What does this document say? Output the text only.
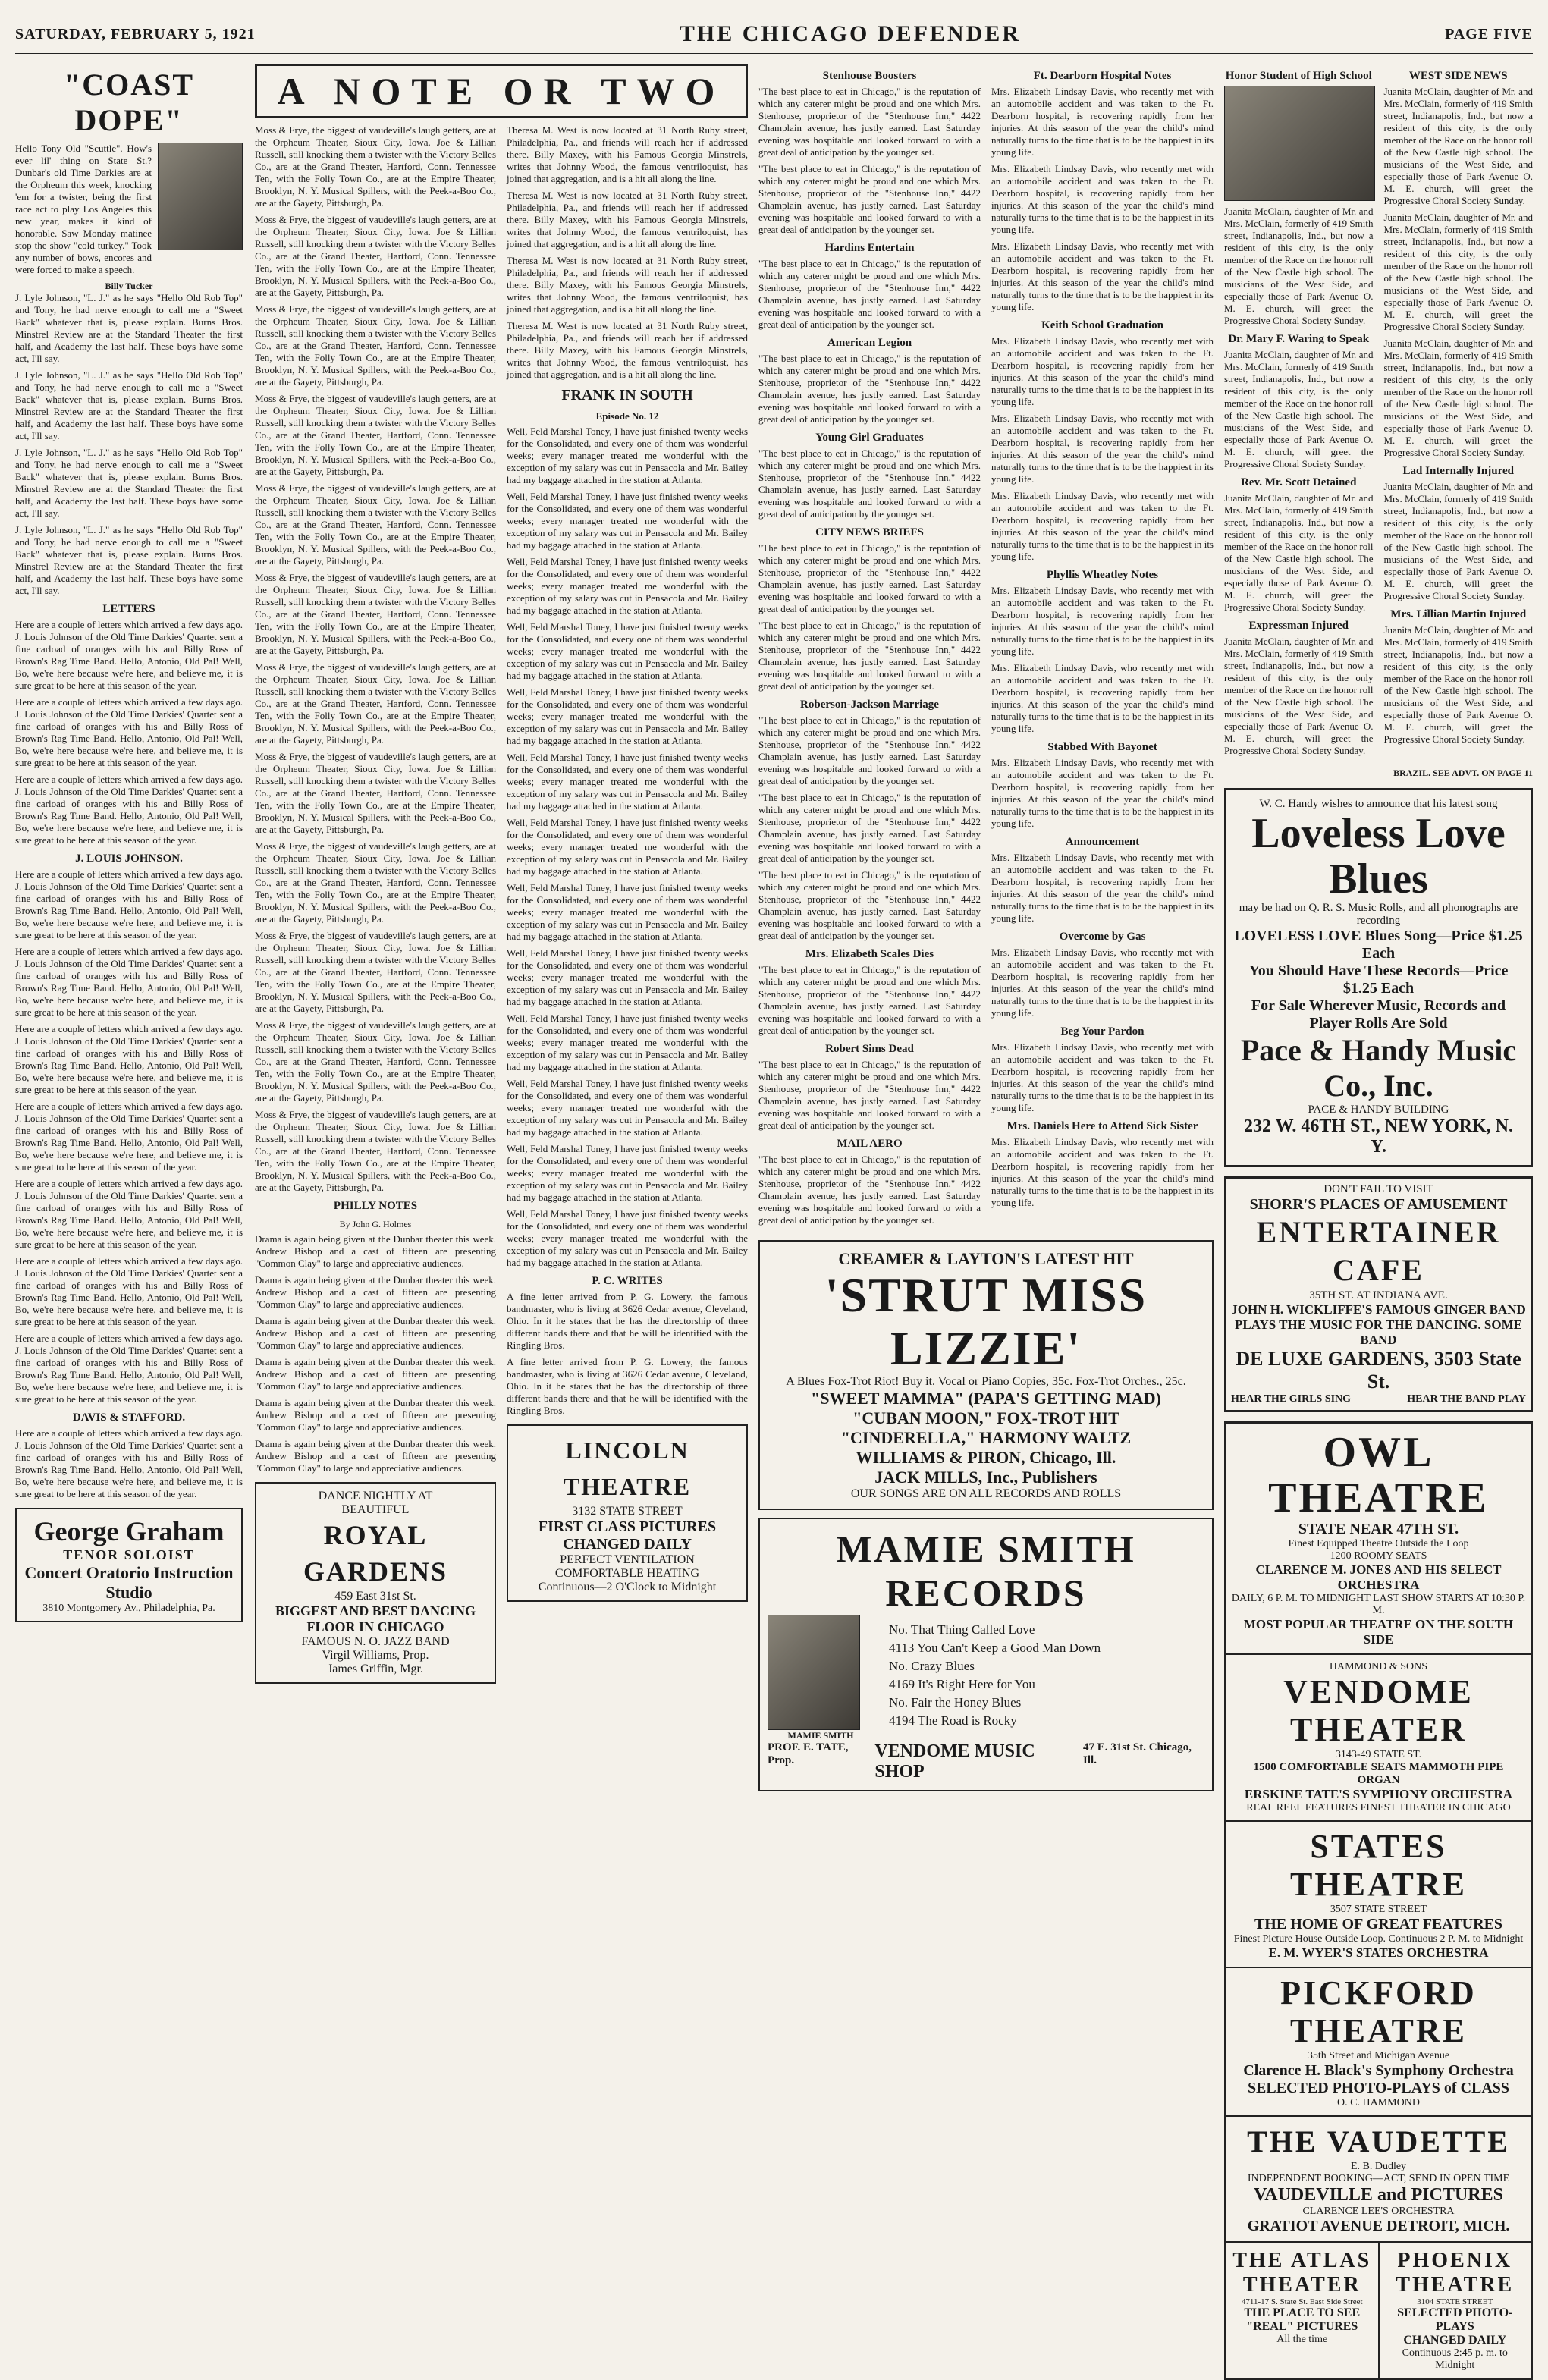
SATURDAY, FEBRUARY 5, 1921	THE CHICAGO DEFENDER	PAGE FIVE
"COAST DOPE"

Hello Tony Old "Scuttle". How's ever lil' thing on State St.? Dunbar's old Time Darkies are at the Orpheum this week, knocking 'em for a twister, being the first race act to play Los Angeles this new year, makes it kind of honorable. Saw Monday matinee stop the show "cold turkey." Took any number of bows, encores and were forced to make a speech.

Billy Tucker

J. Lyle Johnson, "L. J." as he says "Hello Old Rob Top" and Tony, he had nerve enough to call me a "Sweet Back" whatever that is, please explain. Burns Bros. Minstrel Review are at the Standard Theater the first half, and Academy the last half. These boys have some act, I'll say.

J. Lyle Johnson, "L. J." as he says "Hello Old Rob Top" and Tony, he had nerve enough to call me a "Sweet Back" whatever that is, please explain. Burns Bros. Minstrel Review are at the Standard Theater the first half, and Academy the last half. These boys have some act, I'll say.

J. Lyle Johnson, "L. J." as he says "Hello Old Rob Top" and Tony, he had nerve enough to call me a "Sweet Back" whatever that is, please explain. Burns Bros. Minstrel Review are at the Standard Theater the first half, and Academy the last half. These boys have some act, I'll say.

J. Lyle Johnson, "L. J." as he says "Hello Old Rob Top" and Tony, he had nerve enough to call me a "Sweet Back" whatever that is, please explain. Burns Bros. Minstrel Review are at the Standard Theater the first half, and Academy the last half. These boys have some act, I'll say.

LETTERS

Here are a couple of letters which arrived a few days ago. J. Louis Johnson of the Old Time Darkies' Quartet sent a fine carload of oranges with his and Billy Ross of Brown's Rag Time Band. Hello, Antonio, Old Pal! Well, Bo, we're here because we're here, and believe me, it is sure great to be here at this season of the year.

Here are a couple of letters which arrived a few days ago. J. Louis Johnson of the Old Time Darkies' Quartet sent a fine carload of oranges with his and Billy Ross of Brown's Rag Time Band. Hello, Antonio, Old Pal! Well, Bo, we're here because we're here, and believe me, it is sure great to be here at this season of the year.

Here are a couple of letters which arrived a few days ago. J. Louis Johnson of the Old Time Darkies' Quartet sent a fine carload of oranges with his and Billy Ross of Brown's Rag Time Band. Hello, Antonio, Old Pal! Well, Bo, we're here because we're here, and believe me, it is sure great to be here at this season of the year.

J. LOUIS JOHNSON.

Here are a couple of letters which arrived a few days ago. J. Louis Johnson of the Old Time Darkies' Quartet sent a fine carload of oranges with his and Billy Ross of Brown's Rag Time Band. Hello, Antonio, Old Pal! Well, Bo, we're here because we're here, and believe me, it is sure great to be here at this season of the year.

Here are a couple of letters which arrived a few days ago. J. Louis Johnson of the Old Time Darkies' Quartet sent a fine carload of oranges with his and Billy Ross of Brown's Rag Time Band. Hello, Antonio, Old Pal! Well, Bo, we're here because we're here, and believe me, it is sure great to be here at this season of the year.

Here are a couple of letters which arrived a few days ago. J. Louis Johnson of the Old Time Darkies' Quartet sent a fine carload of oranges with his and Billy Ross of Brown's Rag Time Band. Hello, Antonio, Old Pal! Well, Bo, we're here because we're here, and believe me, it is sure great to be here at this season of the year.

Here are a couple of letters which arrived a few days ago. J. Louis Johnson of the Old Time Darkies' Quartet sent a fine carload of oranges with his and Billy Ross of Brown's Rag Time Band. Hello, Antonio, Old Pal! Well, Bo, we're here because we're here, and believe me, it is sure great to be here at this season of the year.

Here are a couple of letters which arrived a few days ago. J. Louis Johnson of the Old Time Darkies' Quartet sent a fine carload of oranges with his and Billy Ross of Brown's Rag Time Band. Hello, Antonio, Old Pal! Well, Bo, we're here because we're here, and believe me, it is sure great to be here at this season of the year.

Here are a couple of letters which arrived a few days ago. J. Louis Johnson of the Old Time Darkies' Quartet sent a fine carload of oranges with his and Billy Ross of Brown's Rag Time Band. Hello, Antonio, Old Pal! Well, Bo, we're here because we're here, and believe me, it is sure great to be here at this season of the year.

Here are a couple of letters which arrived a few days ago. J. Louis Johnson of the Old Time Darkies' Quartet sent a fine carload of oranges with his and Billy Ross of Brown's Rag Time Band. Hello, Antonio, Old Pal! Well, Bo, we're here because we're here, and believe me, it is sure great to be here at this season of the year.

DAVIS & STAFFORD.

Here are a couple of letters which arrived a few days ago. J. Louis Johnson of the Old Time Darkies' Quartet sent a fine carload of oranges with his and Billy Ross of Brown's Rag Time Band. Hello, Antonio, Old Pal! Well, Bo, we're here because we're here, and believe me, it is sure great to be here at this season of the year.

George Graham
TENOR SOLOIST
Concert Oratorio Instruction
Studio
3810 Montgomery Av., Philadelphia, Pa.
A NOTE OR TWO

Moss & Frye, the biggest of vaudeville's laugh getters, are at the Orpheum Theater, Sioux City, Iowa. Joe & Lillian Russell, still knocking them a twister with the Victory Belles Co., are at the Grand Theater, Hartford, Conn. Tennessee Ten, with the Folly Town Co., are at the Empire Theater, Brooklyn, N. Y. Musical Spillers, with the Peek-a-Boo Co., are at the Gayety, Pittsburgh, Pa.

Moss & Frye, the biggest of vaudeville's laugh getters, are at the Orpheum Theater, Sioux City, Iowa. Joe & Lillian Russell, still knocking them a twister with the Victory Belles Co., are at the Grand Theater, Hartford, Conn. Tennessee Ten, with the Folly Town Co., are at the Empire Theater, Brooklyn, N. Y. Musical Spillers, with the Peek-a-Boo Co., are at the Gayety, Pittsburgh, Pa.

Moss & Frye, the biggest of vaudeville's laugh getters, are at the Orpheum Theater, Sioux City, Iowa. Joe & Lillian Russell, still knocking them a twister with the Victory Belles Co., are at the Grand Theater, Hartford, Conn. Tennessee Ten, with the Folly Town Co., are at the Empire Theater, Brooklyn, N. Y. Musical Spillers, with the Peek-a-Boo Co., are at the Gayety, Pittsburgh, Pa.

Moss & Frye, the biggest of vaudeville's laugh getters, are at the Orpheum Theater, Sioux City, Iowa. Joe & Lillian Russell, still knocking them a twister with the Victory Belles Co., are at the Grand Theater, Hartford, Conn. Tennessee Ten, with the Folly Town Co., are at the Empire Theater, Brooklyn, N. Y. Musical Spillers, with the Peek-a-Boo Co., are at the Gayety, Pittsburgh, Pa.

Moss & Frye, the biggest of vaudeville's laugh getters, are at the Orpheum Theater, Sioux City, Iowa. Joe & Lillian Russell, still knocking them a twister with the Victory Belles Co., are at the Grand Theater, Hartford, Conn. Tennessee Ten, with the Folly Town Co., are at the Empire Theater, Brooklyn, N. Y. Musical Spillers, with the Peek-a-Boo Co., are at the Gayety, Pittsburgh, Pa.

Moss & Frye, the biggest of vaudeville's laugh getters, are at the Orpheum Theater, Sioux City, Iowa. Joe & Lillian Russell, still knocking them a twister with the Victory Belles Co., are at the Grand Theater, Hartford, Conn. Tennessee Ten, with the Folly Town Co., are at the Empire Theater, Brooklyn, N. Y. Musical Spillers, with the Peek-a-Boo Co., are at the Gayety, Pittsburgh, Pa.

Moss & Frye, the biggest of vaudeville's laugh getters, are at the Orpheum Theater, Sioux City, Iowa. Joe & Lillian Russell, still knocking them a twister with the Victory Belles Co., are at the Grand Theater, Hartford, Conn. Tennessee Ten, with the Folly Town Co., are at the Empire Theater, Brooklyn, N. Y. Musical Spillers, with the Peek-a-Boo Co., are at the Gayety, Pittsburgh, Pa.

Moss & Frye, the biggest of vaudeville's laugh getters, are at the Orpheum Theater, Sioux City, Iowa. Joe & Lillian Russell, still knocking them a twister with the Victory Belles Co., are at the Grand Theater, Hartford, Conn. Tennessee Ten, with the Folly Town Co., are at the Empire Theater, Brooklyn, N. Y. Musical Spillers, with the Peek-a-Boo Co., are at the Gayety, Pittsburgh, Pa.

Moss & Frye, the biggest of vaudeville's laugh getters, are at the Orpheum Theater, Sioux City, Iowa. Joe & Lillian Russell, still knocking them a twister with the Victory Belles Co., are at the Grand Theater, Hartford, Conn. Tennessee Ten, with the Folly Town Co., are at the Empire Theater, Brooklyn, N. Y. Musical Spillers, with the Peek-a-Boo Co., are at the Gayety, Pittsburgh, Pa.

Moss & Frye, the biggest of vaudeville's laugh getters, are at the Orpheum Theater, Sioux City, Iowa. Joe & Lillian Russell, still knocking them a twister with the Victory Belles Co., are at the Grand Theater, Hartford, Conn. Tennessee Ten, with the Folly Town Co., are at the Empire Theater, Brooklyn, N. Y. Musical Spillers, with the Peek-a-Boo Co., are at the Gayety, Pittsburgh, Pa.

Moss & Frye, the biggest of vaudeville's laugh getters, are at the Orpheum Theater, Sioux City, Iowa. Joe & Lillian Russell, still knocking them a twister with the Victory Belles Co., are at the Grand Theater, Hartford, Conn. Tennessee Ten, with the Folly Town Co., are at the Empire Theater, Brooklyn, N. Y. Musical Spillers, with the Peek-a-Boo Co., are at the Gayety, Pittsburgh, Pa.

Moss & Frye, the biggest of vaudeville's laugh getters, are at the Orpheum Theater, Sioux City, Iowa. Joe & Lillian Russell, still knocking them a twister with the Victory Belles Co., are at the Grand Theater, Hartford, Conn. Tennessee Ten, with the Folly Town Co., are at the Empire Theater, Brooklyn, N. Y. Musical Spillers, with the Peek-a-Boo Co., are at the Gayety, Pittsburgh, Pa.

PHILLY NOTES
By John G. Holmes

Drama is again being given at the Dunbar theater this week. Andrew Bishop and a cast of fifteen are presenting "Common Clay" to large and appreciative audiences.

Drama is again being given at the Dunbar theater this week. Andrew Bishop and a cast of fifteen are presenting "Common Clay" to large and appreciative audiences.

Drama is again being given at the Dunbar theater this week. Andrew Bishop and a cast of fifteen are presenting "Common Clay" to large and appreciative audiences.

Drama is again being given at the Dunbar theater this week. Andrew Bishop and a cast of fifteen are presenting "Common Clay" to large and appreciative audiences.

Drama is again being given at the Dunbar theater this week. Andrew Bishop and a cast of fifteen are presenting "Common Clay" to large and appreciative audiences.

Drama is again being given at the Dunbar theater this week. Andrew Bishop and a cast of fifteen are presenting "Common Clay" to large and appreciative audiences.

DANCE NIGHTLY AT
BEAUTIFUL
ROYAL GARDENS
459 East 31st St.
BIGGEST AND BEST DANCING FLOOR IN CHICAGO
FAMOUS N. O. JAZZ BAND
Virgil Williams, Prop.
James Griffin, Mgr.

Theresa M. West is now located at 31 North Ruby street, Philadelphia, Pa., and friends will reach her if addressed there. Billy Maxey, with his Famous Georgia Minstrels, writes that Johnny Wood, the famous ventriloquist, has joined that aggregation, and is a hit all along the line.

Theresa M. West is now located at 31 North Ruby street, Philadelphia, Pa., and friends will reach her if addressed there. Billy Maxey, with his Famous Georgia Minstrels, writes that Johnny Wood, the famous ventriloquist, has joined that aggregation, and is a hit all along the line.

Theresa M. West is now located at 31 North Ruby street, Philadelphia, Pa., and friends will reach her if addressed there. Billy Maxey, with his Famous Georgia Minstrels, writes that Johnny Wood, the famous ventriloquist, has joined that aggregation, and is a hit all along the line.

Theresa M. West is now located at 31 North Ruby street, Philadelphia, Pa., and friends will reach her if addressed there. Billy Maxey, with his Famous Georgia Minstrels, writes that Johnny Wood, the famous ventriloquist, has joined that aggregation, and is a hit all along the line.

FRANK IN SOUTH
Episode No. 12

Well, Feld Marshal Toney, I have just finished twenty weeks for the Consolidated, and every one of them was wonderful weeks; every manager treated me wonderful with the exception of my salary was cut in Pensacola and Mr. Bailey had my baggage attached in the station at Atlanta.

Well, Feld Marshal Toney, I have just finished twenty weeks for the Consolidated, and every one of them was wonderful weeks; every manager treated me wonderful with the exception of my salary was cut in Pensacola and Mr. Bailey had my baggage attached in the station at Atlanta.

Well, Feld Marshal Toney, I have just finished twenty weeks for the Consolidated, and every one of them was wonderful weeks; every manager treated me wonderful with the exception of my salary was cut in Pensacola and Mr. Bailey had my baggage attached in the station at Atlanta.

Well, Feld Marshal Toney, I have just finished twenty weeks for the Consolidated, and every one of them was wonderful weeks; every manager treated me wonderful with the exception of my salary was cut in Pensacola and Mr. Bailey had my baggage attached in the station at Atlanta.

Well, Feld Marshal Toney, I have just finished twenty weeks for the Consolidated, and every one of them was wonderful weeks; every manager treated me wonderful with the exception of my salary was cut in Pensacola and Mr. Bailey had my baggage attached in the station at Atlanta.

Well, Feld Marshal Toney, I have just finished twenty weeks for the Consolidated, and every one of them was wonderful weeks; every manager treated me wonderful with the exception of my salary was cut in Pensacola and Mr. Bailey had my baggage attached in the station at Atlanta.

Well, Feld Marshal Toney, I have just finished twenty weeks for the Consolidated, and every one of them was wonderful weeks; every manager treated me wonderful with the exception of my salary was cut in Pensacola and Mr. Bailey had my baggage attached in the station at Atlanta.

Well, Feld Marshal Toney, I have just finished twenty weeks for the Consolidated, and every one of them was wonderful weeks; every manager treated me wonderful with the exception of my salary was cut in Pensacola and Mr. Bailey had my baggage attached in the station at Atlanta.

Well, Feld Marshal Toney, I have just finished twenty weeks for the Consolidated, and every one of them was wonderful weeks; every manager treated me wonderful with the exception of my salary was cut in Pensacola and Mr. Bailey had my baggage attached in the station at Atlanta.

Well, Feld Marshal Toney, I have just finished twenty weeks for the Consolidated, and every one of them was wonderful weeks; every manager treated me wonderful with the exception of my salary was cut in Pensacola and Mr. Bailey had my baggage attached in the station at Atlanta.

Well, Feld Marshal Toney, I have just finished twenty weeks for the Consolidated, and every one of them was wonderful weeks; every manager treated me wonderful with the exception of my salary was cut in Pensacola and Mr. Bailey had my baggage attached in the station at Atlanta.

Well, Feld Marshal Toney, I have just finished twenty weeks for the Consolidated, and every one of them was wonderful weeks; every manager treated me wonderful with the exception of my salary was cut in Pensacola and Mr. Bailey had my baggage attached in the station at Atlanta.

Well, Feld Marshal Toney, I have just finished twenty weeks for the Consolidated, and every one of them was wonderful weeks; every manager treated me wonderful with the exception of my salary was cut in Pensacola and Mr. Bailey had my baggage attached in the station at Atlanta.

P. C. WRITES

A fine letter arrived from P. G. Lowery, the famous bandmaster, who is living at 3626 Cedar avenue, Cleveland, Ohio. In it he states that he has the directorship of three different bands there and that he will be identified with the Ringling Bros.

A fine letter arrived from P. G. Lowery, the famous bandmaster, who is living at 3626 Cedar avenue, Cleveland, Ohio. In it he states that he has the directorship of three different bands there and that he will be identified with the Ringling Bros.

LINCOLN THEATRE
3132 STATE STREET
FIRST CLASS PICTURES
CHANGED DAILY
PERFECT VENTILATION
COMFORTABLE HEATING
Continuous—2 O'Clock to Midnight
Stenhouse Boosters

"The best place to eat in Chicago," is the reputation of which any caterer might be proud and one which Mrs. Stenhouse, proprietor of the "Stenhouse Inn," 4422 Champlain avenue, has justly earned. Last Saturday evening was hospitable and looked forward to with a great deal of anticipation by the younger set.

"The best place to eat in Chicago," is the reputation of which any caterer might be proud and one which Mrs. Stenhouse, proprietor of the "Stenhouse Inn," 4422 Champlain avenue, has justly earned. Last Saturday evening was hospitable and looked forward to with a great deal of anticipation by the younger set.

Hardins Entertain

"The best place to eat in Chicago," is the reputation of which any caterer might be proud and one which Mrs. Stenhouse, proprietor of the "Stenhouse Inn," 4422 Champlain avenue, has justly earned. Last Saturday evening was hospitable and looked forward to with a great deal of anticipation by the younger set.

American Legion

"The best place to eat in Chicago," is the reputation of which any caterer might be proud and one which Mrs. Stenhouse, proprietor of the "Stenhouse Inn," 4422 Champlain avenue, has justly earned. Last Saturday evening was hospitable and looked forward to with a great deal of anticipation by the younger set.

Young Girl Graduates

"The best place to eat in Chicago," is the reputation of which any caterer might be proud and one which Mrs. Stenhouse, proprietor of the "Stenhouse Inn," 4422 Champlain avenue, has justly earned. Last Saturday evening was hospitable and looked forward to with a great deal of anticipation by the younger set.

CITY NEWS BRIEFS

"The best place to eat in Chicago," is the reputation of which any caterer might be proud and one which Mrs. Stenhouse, proprietor of the "Stenhouse Inn," 4422 Champlain avenue, has justly earned. Last Saturday evening was hospitable and looked forward to with a great deal of anticipation by the younger set.

"The best place to eat in Chicago," is the reputation of which any caterer might be proud and one which Mrs. Stenhouse, proprietor of the "Stenhouse Inn," 4422 Champlain avenue, has justly earned. Last Saturday evening was hospitable and looked forward to with a great deal of anticipation by the younger set.

Roberson-Jackson Marriage

"The best place to eat in Chicago," is the reputation of which any caterer might be proud and one which Mrs. Stenhouse, proprietor of the "Stenhouse Inn," 4422 Champlain avenue, has justly earned. Last Saturday evening was hospitable and looked forward to with a great deal of anticipation by the younger set.

"The best place to eat in Chicago," is the reputation of which any caterer might be proud and one which Mrs. Stenhouse, proprietor of the "Stenhouse Inn," 4422 Champlain avenue, has justly earned. Last Saturday evening was hospitable and looked forward to with a great deal of anticipation by the younger set.

"The best place to eat in Chicago," is the reputation of which any caterer might be proud and one which Mrs. Stenhouse, proprietor of the "Stenhouse Inn," 4422 Champlain avenue, has justly earned. Last Saturday evening was hospitable and looked forward to with a great deal of anticipation by the younger set.

Mrs. Elizabeth Scales Dies

"The best place to eat in Chicago," is the reputation of which any caterer might be proud and one which Mrs. Stenhouse, proprietor of the "Stenhouse Inn," 4422 Champlain avenue, has justly earned. Last Saturday evening was hospitable and looked forward to with a great deal of anticipation by the younger set.

Robert Sims Dead

"The best place to eat in Chicago," is the reputation of which any caterer might be proud and one which Mrs. Stenhouse, proprietor of the "Stenhouse Inn," 4422 Champlain avenue, has justly earned. Last Saturday evening was hospitable and looked forward to with a great deal of anticipation by the younger set.

MAIL AERO

"The best place to eat in Chicago," is the reputation of which any caterer might be proud and one which Mrs. Stenhouse, proprietor of the "Stenhouse Inn," 4422 Champlain avenue, has justly earned. Last Saturday evening was hospitable and looked forward to with a great deal of anticipation by the younger set.

Ft. Dearborn Hospital Notes

Mrs. Elizabeth Lindsay Davis, who recently met with an automobile accident and was taken to the Ft. Dearborn hospital, is recovering rapidly from her injuries. At this season of the year the child's mind naturally turns to the time that is to be the happiest in its young life.

Mrs. Elizabeth Lindsay Davis, who recently met with an automobile accident and was taken to the Ft. Dearborn hospital, is recovering rapidly from her injuries. At this season of the year the child's mind naturally turns to the time that is to be the happiest in its young life.

Mrs. Elizabeth Lindsay Davis, who recently met with an automobile accident and was taken to the Ft. Dearborn hospital, is recovering rapidly from her injuries. At this season of the year the child's mind naturally turns to the time that is to be the happiest in its young life.

Keith School Graduation

Mrs. Elizabeth Lindsay Davis, who recently met with an automobile accident and was taken to the Ft. Dearborn hospital, is recovering rapidly from her injuries. At this season of the year the child's mind naturally turns to the time that is to be the happiest in its young life.

Mrs. Elizabeth Lindsay Davis, who recently met with an automobile accident and was taken to the Ft. Dearborn hospital, is recovering rapidly from her injuries. At this season of the year the child's mind naturally turns to the time that is to be the happiest in its young life.

Mrs. Elizabeth Lindsay Davis, who recently met with an automobile accident and was taken to the Ft. Dearborn hospital, is recovering rapidly from her injuries. At this season of the year the child's mind naturally turns to the time that is to be the happiest in its young life.

Phyllis Wheatley Notes

Mrs. Elizabeth Lindsay Davis, who recently met with an automobile accident and was taken to the Ft. Dearborn hospital, is recovering rapidly from her injuries. At this season of the year the child's mind naturally turns to the time that is to be the happiest in its young life.

Mrs. Elizabeth Lindsay Davis, who recently met with an automobile accident and was taken to the Ft. Dearborn hospital, is recovering rapidly from her injuries. At this season of the year the child's mind naturally turns to the time that is to be the happiest in its young life.

Stabbed With Bayonet

Mrs. Elizabeth Lindsay Davis, who recently met with an automobile accident and was taken to the Ft. Dearborn hospital, is recovering rapidly from her injuries. At this season of the year the child's mind naturally turns to the time that is to be the happiest in its young life.

Announcement

Mrs. Elizabeth Lindsay Davis, who recently met with an automobile accident and was taken to the Ft. Dearborn hospital, is recovering rapidly from her injuries. At this season of the year the child's mind naturally turns to the time that is to be the happiest in its young life.

Overcome by Gas

Mrs. Elizabeth Lindsay Davis, who recently met with an automobile accident and was taken to the Ft. Dearborn hospital, is recovering rapidly from her injuries. At this season of the year the child's mind naturally turns to the time that is to be the happiest in its young life.

Beg Your Pardon

Mrs. Elizabeth Lindsay Davis, who recently met with an automobile accident and was taken to the Ft. Dearborn hospital, is recovering rapidly from her injuries. At this season of the year the child's mind naturally turns to the time that is to be the happiest in its young life.

Mrs. Daniels Here to Attend Sick Sister

Mrs. Elizabeth Lindsay Davis, who recently met with an automobile accident and was taken to the Ft. Dearborn hospital, is recovering rapidly from her injuries. At this season of the year the child's mind naturally turns to the time that is to be the happiest in its young life.

CREAMER & LAYTON'S LATEST HIT
'STRUT MISS LIZZIE'
A Blues Fox-Trot Riot! Buy it. Vocal or Piano Copies, 35c. Fox-Trot Orches., 25c.
"SWEET MAMMA" (PAPA'S GETTING MAD)
"CUBAN MOON," FOX-TROT HIT
"CINDERELLA," HARMONY WALTZ
WILLIAMS & PIRON, Chicago, Ill.
JACK MILLS, Inc., Publishers
OUR SONGS ARE ON ALL RECORDS AND ROLLS
MAMIE SMITH RECORDS
MAMIE SMITH
No. That Thing Called Love
4113 You Can't Keep a Good Man Down
No. Crazy Blues
4169 It's Right Here for You
No. Fair the Honey Blues
4194 The Road is Rocky
PROF. E. TATE, Prop.	VENDOME MUSIC SHOP
47 E. 31st St. Chicago, Ill.
Honor Student of High School

Juanita McClain, daughter of Mr. and Mrs. McClain, formerly of 419 Smith street, Indianapolis, Ind., but now a resident of this city, is the only member of the Race on the honor roll of the New Castle high school. The musicians of the West Side, and especially those of Park Avenue O. M. E. church, will greet the Progressive Choral Society Sunday.

Dr. Mary F. Waring to Speak

Juanita McClain, daughter of Mr. and Mrs. McClain, formerly of 419 Smith street, Indianapolis, Ind., but now a resident of this city, is the only member of the Race on the honor roll of the New Castle high school. The musicians of the West Side, and especially those of Park Avenue O. M. E. church, will greet the Progressive Choral Society Sunday.

Rev. Mr. Scott Detained

Juanita McClain, daughter of Mr. and Mrs. McClain, formerly of 419 Smith street, Indianapolis, Ind., but now a resident of this city, is the only member of the Race on the honor roll of the New Castle high school. The musicians of the West Side, and especially those of Park Avenue O. M. E. church, will greet the Progressive Choral Society Sunday.

Expressman Injured

Juanita McClain, daughter of Mr. and Mrs. McClain, formerly of 419 Smith street, Indianapolis, Ind., but now a resident of this city, is the only member of the Race on the honor roll of the New Castle high school. The musicians of the West Side, and especially those of Park Avenue O. M. E. church, will greet the Progressive Choral Society Sunday.

WEST SIDE NEWS

Juanita McClain, daughter of Mr. and Mrs. McClain, formerly of 419 Smith street, Indianapolis, Ind., but now a resident of this city, is the only member of the Race on the honor roll of the New Castle high school. The musicians of the West Side, and especially those of Park Avenue O. M. E. church, will greet the Progressive Choral Society Sunday.

Juanita McClain, daughter of Mr. and Mrs. McClain, formerly of 419 Smith street, Indianapolis, Ind., but now a resident of this city, is the only member of the Race on the honor roll of the New Castle high school. The musicians of the West Side, and especially those of Park Avenue O. M. E. church, will greet the Progressive Choral Society Sunday.

Juanita McClain, daughter of Mr. and Mrs. McClain, formerly of 419 Smith street, Indianapolis, Ind., but now a resident of this city, is the only member of the Race on the honor roll of the New Castle high school. The musicians of the West Side, and especially those of Park Avenue O. M. E. church, will greet the Progressive Choral Society Sunday.

Lad Internally Injured

Juanita McClain, daughter of Mr. and Mrs. McClain, formerly of 419 Smith street, Indianapolis, Ind., but now a resident of this city, is the only member of the Race on the honor roll of the New Castle high school. The musicians of the West Side, and especially those of Park Avenue O. M. E. church, will greet the Progressive Choral Society Sunday.

Mrs. Lillian Martin Injured

Juanita McClain, daughter of Mr. and Mrs. McClain, formerly of 419 Smith street, Indianapolis, Ind., but now a resident of this city, is the only member of the Race on the honor roll of the New Castle high school. The musicians of the West Side, and especially those of Park Avenue O. M. E. church, will greet the Progressive Choral Society Sunday.

BRAZIL. SEE ADVT. ON PAGE 11
W. C. Handy wishes to announce that his latest song
Loveless Love Blues
may be had on Q. R. S. Music Rolls, and all phonographs are recording
LOVELESS LOVE Blues Song—Price $1.25 Each
You Should Have These Records—Price $1.25 Each
For Sale Wherever Music, Records and Player Rolls Are Sold
Pace & Handy Music Co., Inc.
PACE & HANDY BUILDING
232 W. 46TH ST., NEW YORK, N. Y.
DON'T FAIL TO VISIT
SHORR'S PLACES OF AMUSEMENT
ENTERTAINER CAFE
35TH ST. AT INDIANA AVE.
JOHN H. WICKLIFFE'S FAMOUS GINGER BAND
PLAYS THE MUSIC FOR THE DANCING. SOME BAND
DE LUXE GARDENS, 3503 State St.
HEAR THE GIRLS SING	HEAR THE BAND PLAY
OWL THEATRE
STATE NEAR 47TH ST.
Finest Equipped Theatre Outside the Loop
1200 ROOMY SEATS
CLARENCE M. JONES AND HIS SELECT ORCHESTRA
DAILY, 6 P. M. TO MIDNIGHT LAST SHOW STARTS AT 10:30 P. M.
MOST POPULAR THEATRE ON THE SOUTH SIDE
HAMMOND & SONS
VENDOME THEATER
3143-49 STATE ST.
1500 COMFORTABLE SEATS MAMMOTH PIPE ORGAN
ERSKINE TATE'S SYMPHONY ORCHESTRA
REAL REEL FEATURES FINEST THEATER IN CHICAGO
STATES THEATRE
3507 STATE STREET
THE HOME OF GREAT FEATURES
Finest Picture House Outside Loop. Continuous 2 P. M. to Midnight
E. M. WYER'S STATES ORCHESTRA
PICKFORD THEATRE
35th Street and Michigan Avenue
Clarence H. Black's Symphony Orchestra
SELECTED PHOTO-PLAYS of CLASS
O. C. HAMMOND
THE VAUDETTE
E. B. Dudley
INDEPENDENT BOOKING—ACT, SEND IN OPEN TIME
VAUDEVILLE and PICTURES
CLARENCE LEE'S ORCHESTRA
GRATIOT AVENUE DETROIT, MICH.
THE ATLAS THEATER
4711-17 S. State St. East Side Street
THE PLACE TO SEE
"REAL" PICTURES
All the time
PHOENIX THEATRE
3104 STATE STREET
SELECTED PHOTO-PLAYS
CHANGED DAILY
Continuous 2:45 p. m. to Midnight
